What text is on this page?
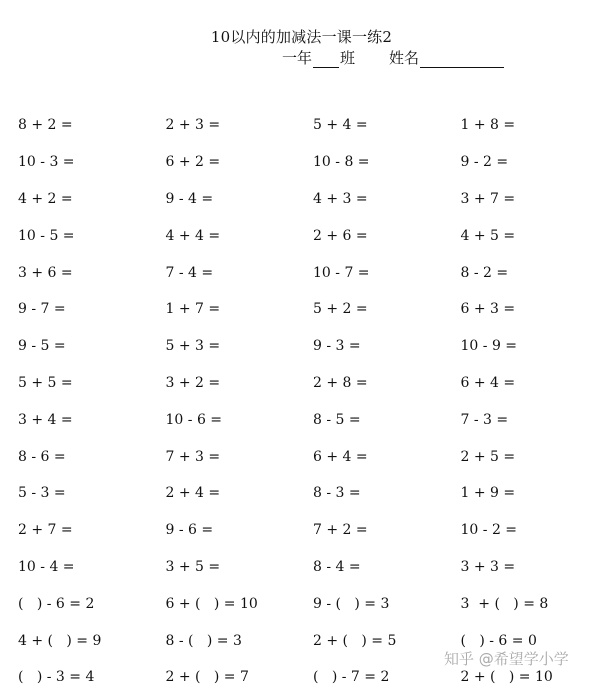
10以内的加减法一课一练2
一年 班 姓名
8 + 2 =	2 + 3 =	5 + 4 =	1 + 8 =
10 - 3 =	6 + 2 =	10 - 8 =	9 - 2 =
4 + 2 =	9 - 4 =	4 + 3 =	3 + 7 =
10 - 5 =	4 + 4 =	2 + 6 =	4 + 5 =
3 + 6 =	7 - 4 =	10 - 7 =	8 - 2 =
9 - 7 =	1 + 7 =	5 + 2 =	6 + 3 =
9 - 5 =	5 + 3 =	9 - 3 =	10 - 9 =
5 + 5 =	3 + 2 =	2 + 8 =	6 + 4 =
3 + 4 =	10 - 6 =	8 - 5 =	7 - 3 =
8 - 6 =	7 + 3 =	6 + 4 =	2 + 5 =
5 - 3 =	2 + 4 =	8 - 3 =	1 + 9 =
2 + 7 =	9 - 6 =	7 + 2 =	10 - 2 =
10 - 4 =	3 + 5 =	8 - 4 =	3 + 3 =
(   ) - 6 = 2	6 + (   ) = 10	9 - (   ) = 3	3  + (   ) = 8
4 + (   ) = 9	8 - (   ) = 3	2 + (   ) = 5	(   ) - 6 = 0
(   ) - 3 = 4	2 + (   ) = 7	(   ) - 7 = 2	2 + (   ) = 10
知乎 @希望学小学
